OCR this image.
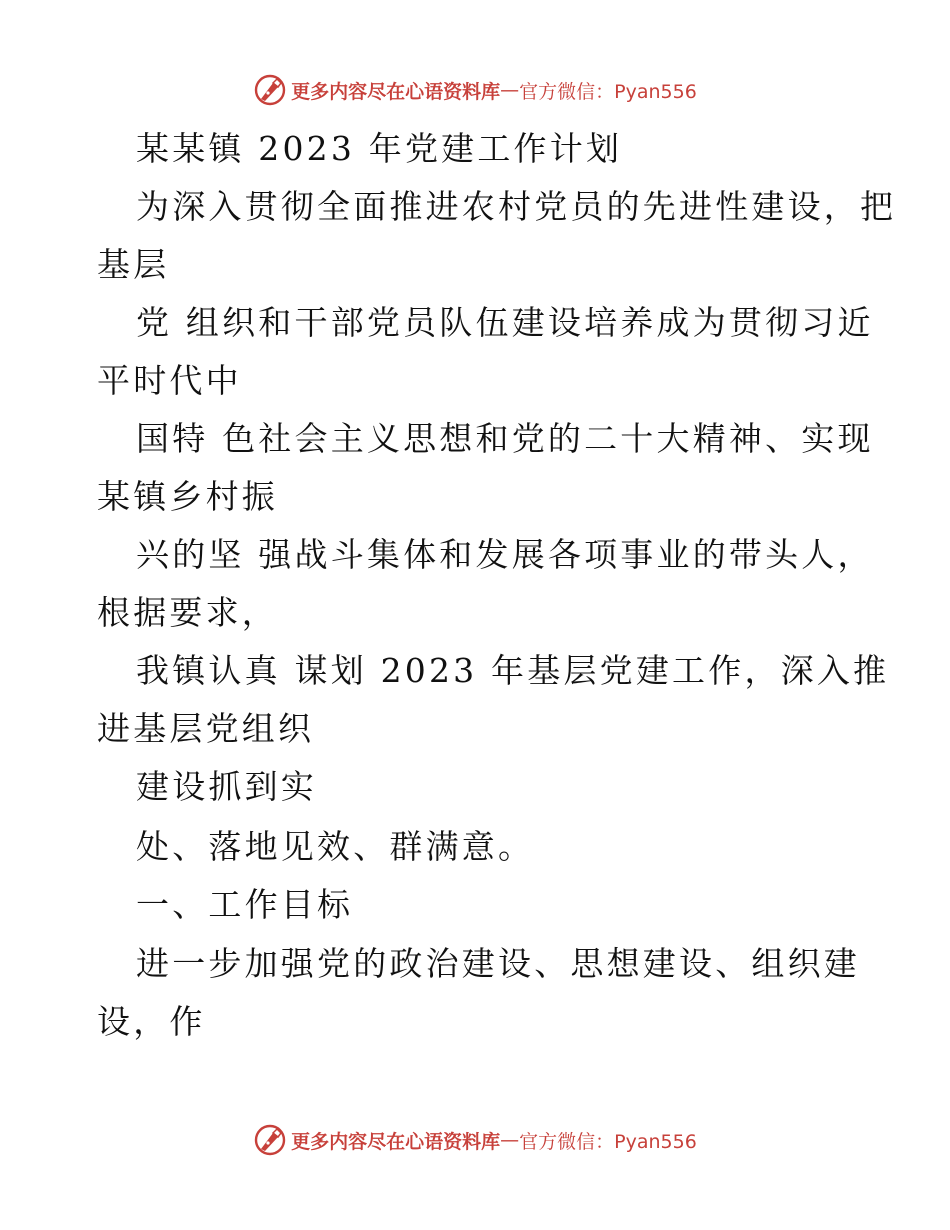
更多内容尽在心语资料库 — 官方微信：Pyan556
某某镇 2023 年党建工作计划
为深入贯彻全面推进农村党员的先进性建设，把
基层
党 组织和干部党员队伍建设培养成为贯彻习近
平时代中
国特 色社会主义思想和党的二十大精神、实现
某镇乡村振
兴的坚 强战斗集体和发展各项事业的带头人，
根据要求，
我镇认真 谋划 2023 年基层党建工作，深入推
进基层党组织
建设抓到实
处、落地见效、群满意。
一、工作目标
进一步加强党的政治建设、思想建设、组织建
设，作
更多内容尽在心语资料库 — 官方微信：Pyan556
